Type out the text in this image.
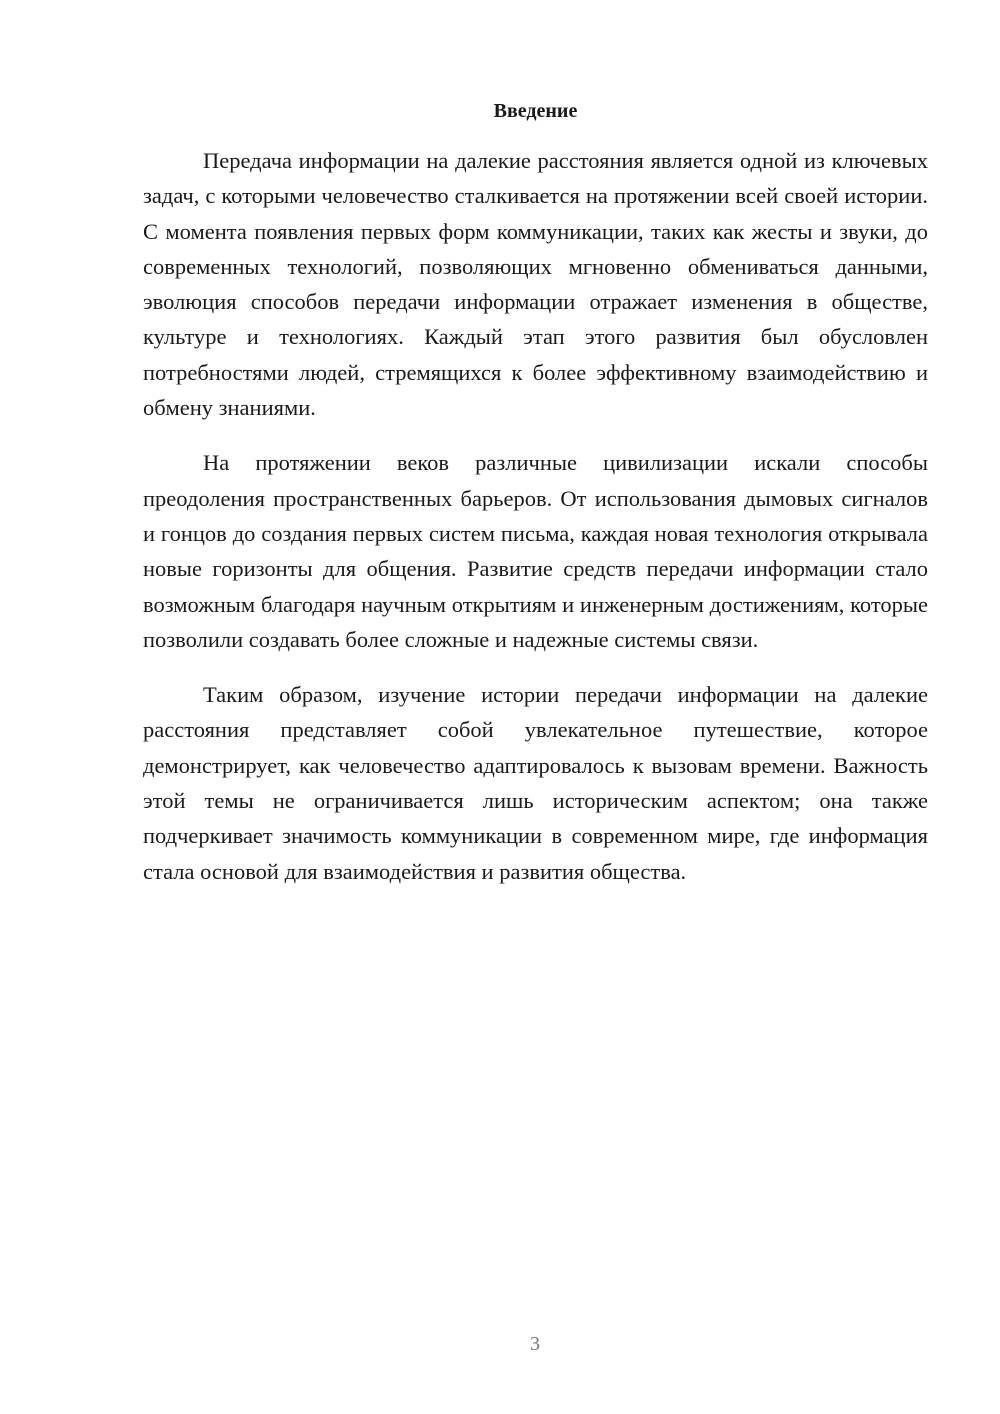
Введение

Передача информации на далекие расстояния является одной из ключевых задач, с которыми человечество сталкивается на протяжении всей своей истории. С момента появления первых форм коммуникации, таких как жесты и звуки, до современных технологий, позволяющих мгновенно обмениваться данными, эволюция способов передачи информации отражает изменения в обществе, культуре и технологиях. Каждый этап этого развития был обусловлен потребностями людей, стремящихся к более эффективному взаимодействию и обмену знаниями.

На протяжении веков различные цивилизации искали способы преодоления пространственных барьеров. От использования дымовых сигналов и гонцов до создания первых систем письма, каждая новая технология открывала новые горизонты для общения. Развитие средств передачи информации стало возможным благодаря научным открытиям и инженерным достижениям, которые позволили создавать более сложные и надежные системы связи.

Таким образом, изучение истории передачи информации на далекие расстояния представляет собой увлекательное путешествие, которое демонстрирует, как человечество адаптировалось к вызовам времени. Важность этой темы не ограничивается лишь историческим аспектом; она также подчеркивает значимость коммуникации в современном мире, где информация стала основой для взаимодействия и развития общества.

3
